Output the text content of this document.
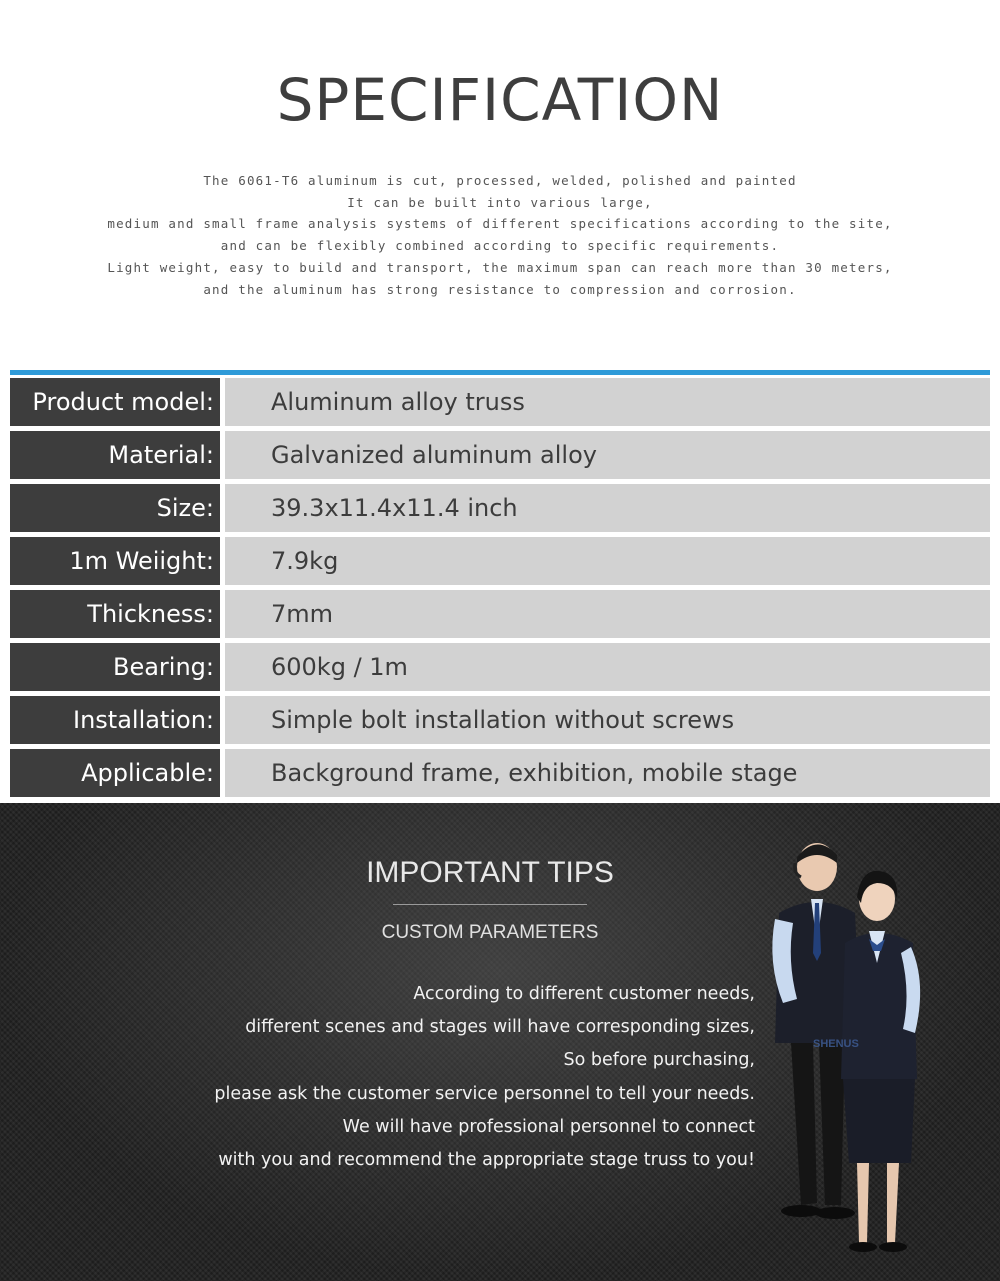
SPECIFICATION
The 6061-T6 aluminum is cut, processed, welded, polished and painted
It can be built into various large,
medium and small frame analysis systems of different specifications according to the site,
and can be flexibly combined according to specific requirements.
Light weight, easy to build and transport, the maximum span can reach more than 30 meters,
and the aluminum has strong resistance to compression and corrosion.
Product model:	Aluminum alloy truss
Material:	Galvanized aluminum alloy
Size:	39.3x11.4x11.4 inch
1m Weiight:	7.9kg
Thickness:	7mm
Bearing:	600kg / 1m
Installation:	Simple bolt installation without screws
Applicable:	Background frame, exhibition, mobile stage
IMPORTANT TIPS
CUSTOM PARAMETERS
According to different customer needs,
different scenes and stages will have corresponding sizes,
So before purchasing,
please ask the customer service personnel to tell your needs.
We will have professional personnel to connect
with you and recommend the appropriate stage truss to you!
SHENUS
